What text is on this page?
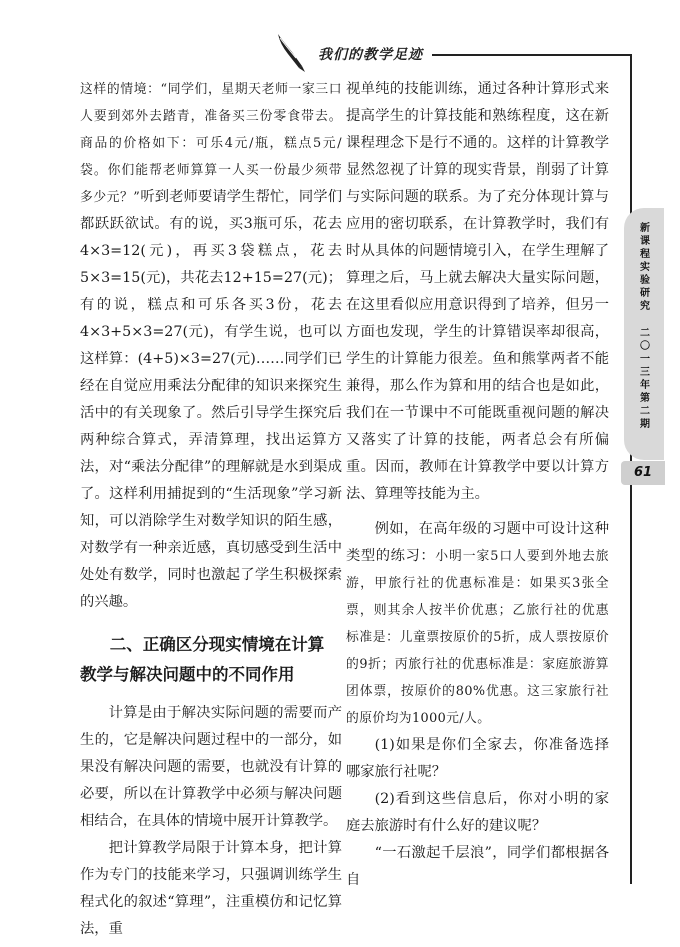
我们的教学足迹

这样的情境：“同学们，星期天老师一家三口人要到郊外去踏青，准备买三份零食带去。商品的价格如下：可乐4元/瓶，糕点5元/袋。你们能帮老师算算一人买一份最少须带多少元？”听到老师要请学生帮忙，同学们都跃跃欲试。有的说，买3瓶可乐，花去4×3=12(元)，再买3袋糕点，花去5×3=15(元)，共花去12+15=27(元)；有的说，糕点和可乐各买3份，花去4×3+5×3=27(元)，有学生说，也可以这样算：(4+5)×3=27(元)……同学们已经在自觉应用乘法分配律的知识来探究生活中的有关现象了。然后引导学生探究后两种综合算式，弄清算理，找出运算方法，对“乘法分配律”的理解就是水到渠成了。这样利用捕捉到的“生活现象”学习新知，可以消除学生对数学知识的陌生感，对数学有一种亲近感，真切感受到生活中处处有数学，同时也激起了学生积极探索的兴趣。

二、正确区分现实情境在计算
教学与解决问题中的不同作用

计算是由于解决实际问题的需要而产生的，它是解决问题过程中的一部分，如果没有解决问题的需要，也就没有计算的必要，所以在计算教学中必须与解决问题相结合，在具体的情境中展开计算教学。

把计算教学局限于计算本身，把计算作为专门的技能来学习，只强调训练学生程式化的叙述“算理”，注重模仿和记忆算法，重

视单纯的技能训练，通过各种计算形式来提高学生的计算技能和熟练程度，这在新课程理念下是行不通的。这样的计算教学显然忽视了计算的现实背景，削弱了计算与实际问题的联系。为了充分体现计算与应用的密切联系，在计算教学时，我们有时从具体的问题情境引入，在学生理解了算理之后，马上就去解决大量实际问题，在这里看似应用意识得到了培养，但另一方面也发现，学生的计算错误率却很高，学生的计算能力很差。鱼和熊掌两者不能兼得，那么作为算和用的结合也是如此，我们在一节课中不可能既重视问题的解决又落实了计算的技能，两者总会有所偏重。因而，教师在计算教学中要以计算方法、算理等技能为主。

例如，在高年级的习题中可设计这种类型的练习：小明一家5口人要到外地去旅游，甲旅行社的优惠标准是：如果买3张全票，则其余人按半价优惠；乙旅行社的优惠标准是：儿童票按原价的5折，成人票按原价的9折；丙旅行社的优惠标准是：家庭旅游算团体票，按原价的80%优惠。这三家旅行社的原价均为1000元/人。

(1)如果是你们全家去，你准备选择哪家旅行社呢？

(2)看到这些信息后，你对小明的家庭去旅游时有什么好的建议呢？

“一石激起千层浪”，同学们都根据各自

新
课
程
实
验
研
究
二
〇
一
三
年
第
二
期
61
